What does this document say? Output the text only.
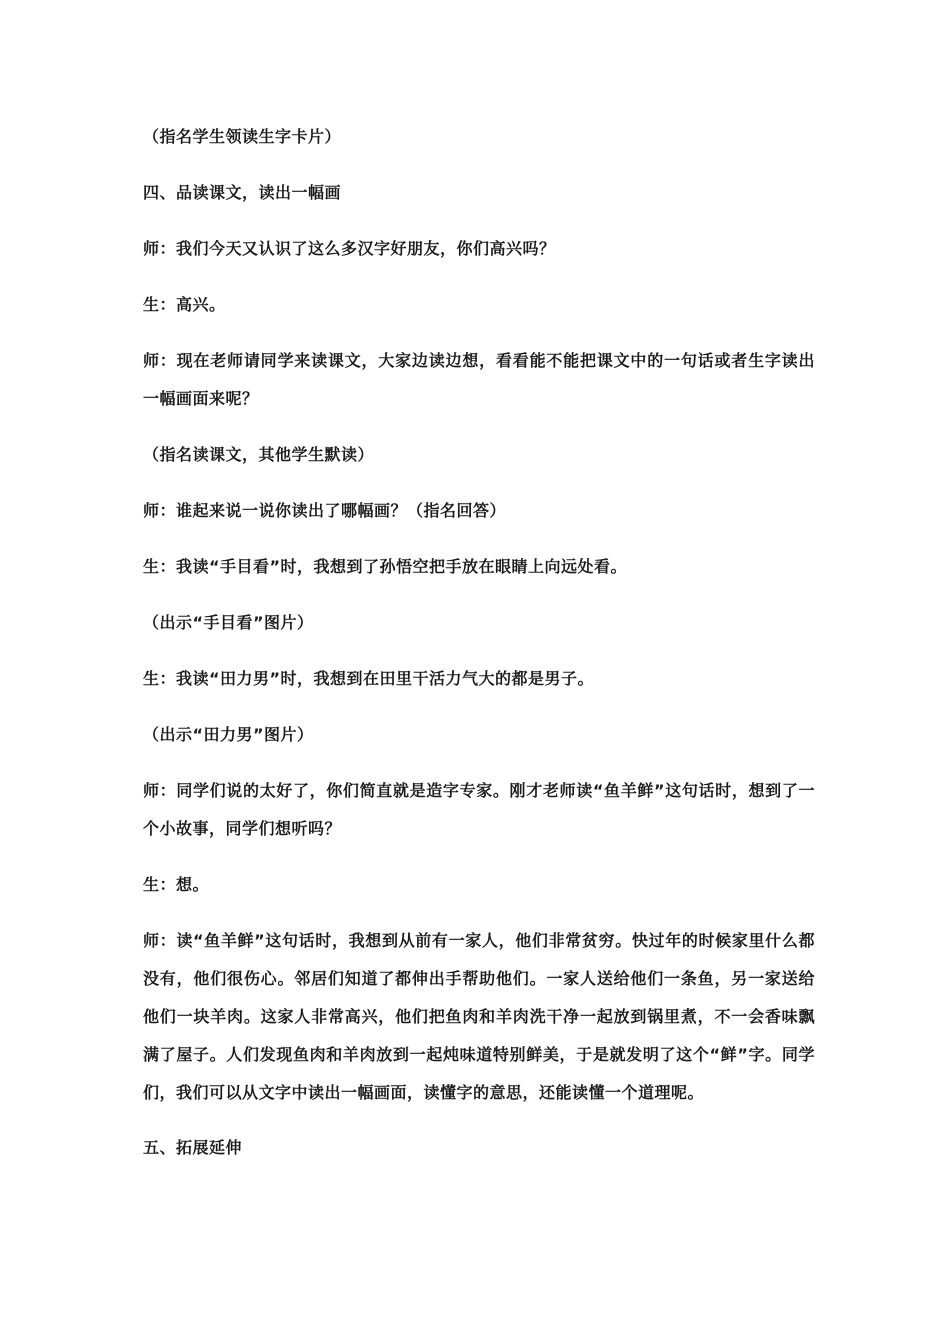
（指名学生领读生字卡片）

四、品读课文，读出一幅画

师：我们今天又认识了这么多汉字好朋友，你们高兴吗？

生：高兴。

师：现在老师请同学来读课文，大家边读边想，看看能不能把课文中的一句话或者生字读出一幅画面来呢？

（指名读课文，其他学生默读）

师：谁起来说一说你读出了哪幅画？（指名回答）

生：我读“手目看”时，我想到了孙悟空把手放在眼睛上向远处看。

（出示“手目看”图片）

生：我读“田力男”时，我想到在田里干活力气大的都是男子。

（出示“田力男”图片）

师：同学们说的太好了，你们简直就是造字专家。刚才老师读“鱼羊鲜”这句话时，想到了一个小故事，同学们想听吗？

生：想。

师：读“鱼羊鲜”这句话时，我想到从前有一家人，他们非常贫穷。快过年的时候家里什么都没有，他们很伤心。邻居们知道了都伸出手帮助他们。一家人送给他们一条鱼，另一家送给他们一块羊肉。这家人非常高兴，他们把鱼肉和羊肉洗干净一起放到锅里煮，不一会香味飘满了屋子。人们发现鱼肉和羊肉放到一起炖味道特别鲜美，于是就发明了这个“鲜”字。同学们，我们可以从文字中读出一幅画面，读懂字的意思，还能读懂一个道理呢。

五、拓展延伸
